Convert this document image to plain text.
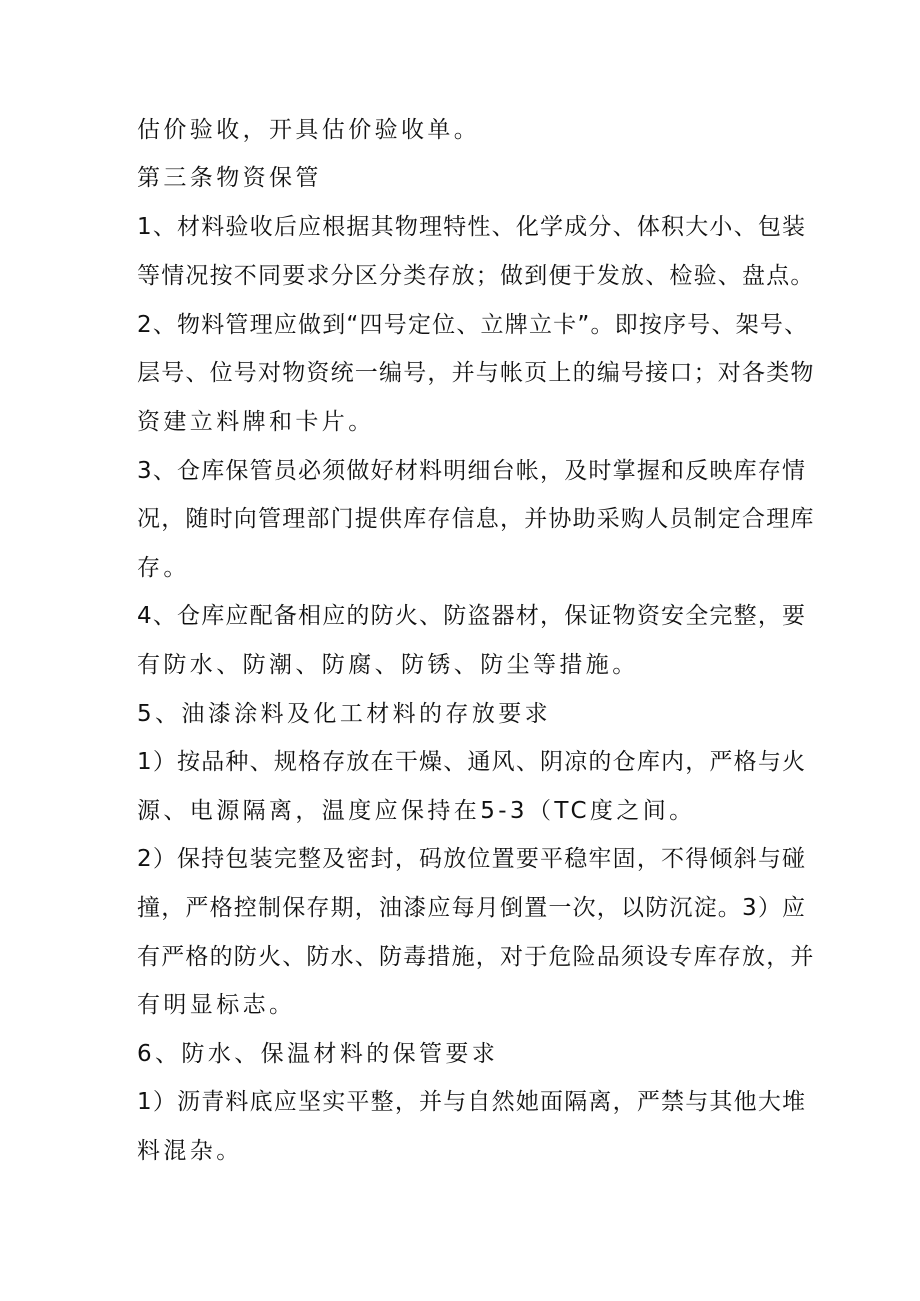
估价验收，开具估价验收单。
第三条物资保管
1、材料验收后应根据其物理特性、化学成分、体积大小、包装
等情况按不同要求分区分类存放；做到便于发放、检验、盘点。
2、物料管理应做到“四号定位、立牌立卡”。即按序号、架号、
层号、位号对物资统一编号，并与帐页上的编号接口；对各类物
资建立料牌和卡片。
3、仓库保管员必须做好材料明细台帐，及时掌握和反映库存情
况，随时向管理部门提供库存信息，并协助采购人员制定合理库
存。
4、仓库应配备相应的防火、防盗器材，保证物资安全完整，要
有防水、防潮、防腐、防锈、防尘等措施。
5、油漆涂料及化工材料的存放要求
1）按品种、规格存放在干燥、通风、阴凉的仓库内，严格与火
源、电源隔离，温度应保持在5-3（TC度之间。
2）保持包装完整及密封，码放位置要平稳牢固，不得倾斜与碰
撞，严格控制保存期，油漆应每月倒置一次，以防沉淀。3）应
有严格的防火、防水、防毒措施，对于危险品须设专库存放，并
有明显标志。
6、防水、保温材料的保管要求
1）沥青料底应坚实平整，并与自然她面隔离，严禁与其他大堆
料混杂。
